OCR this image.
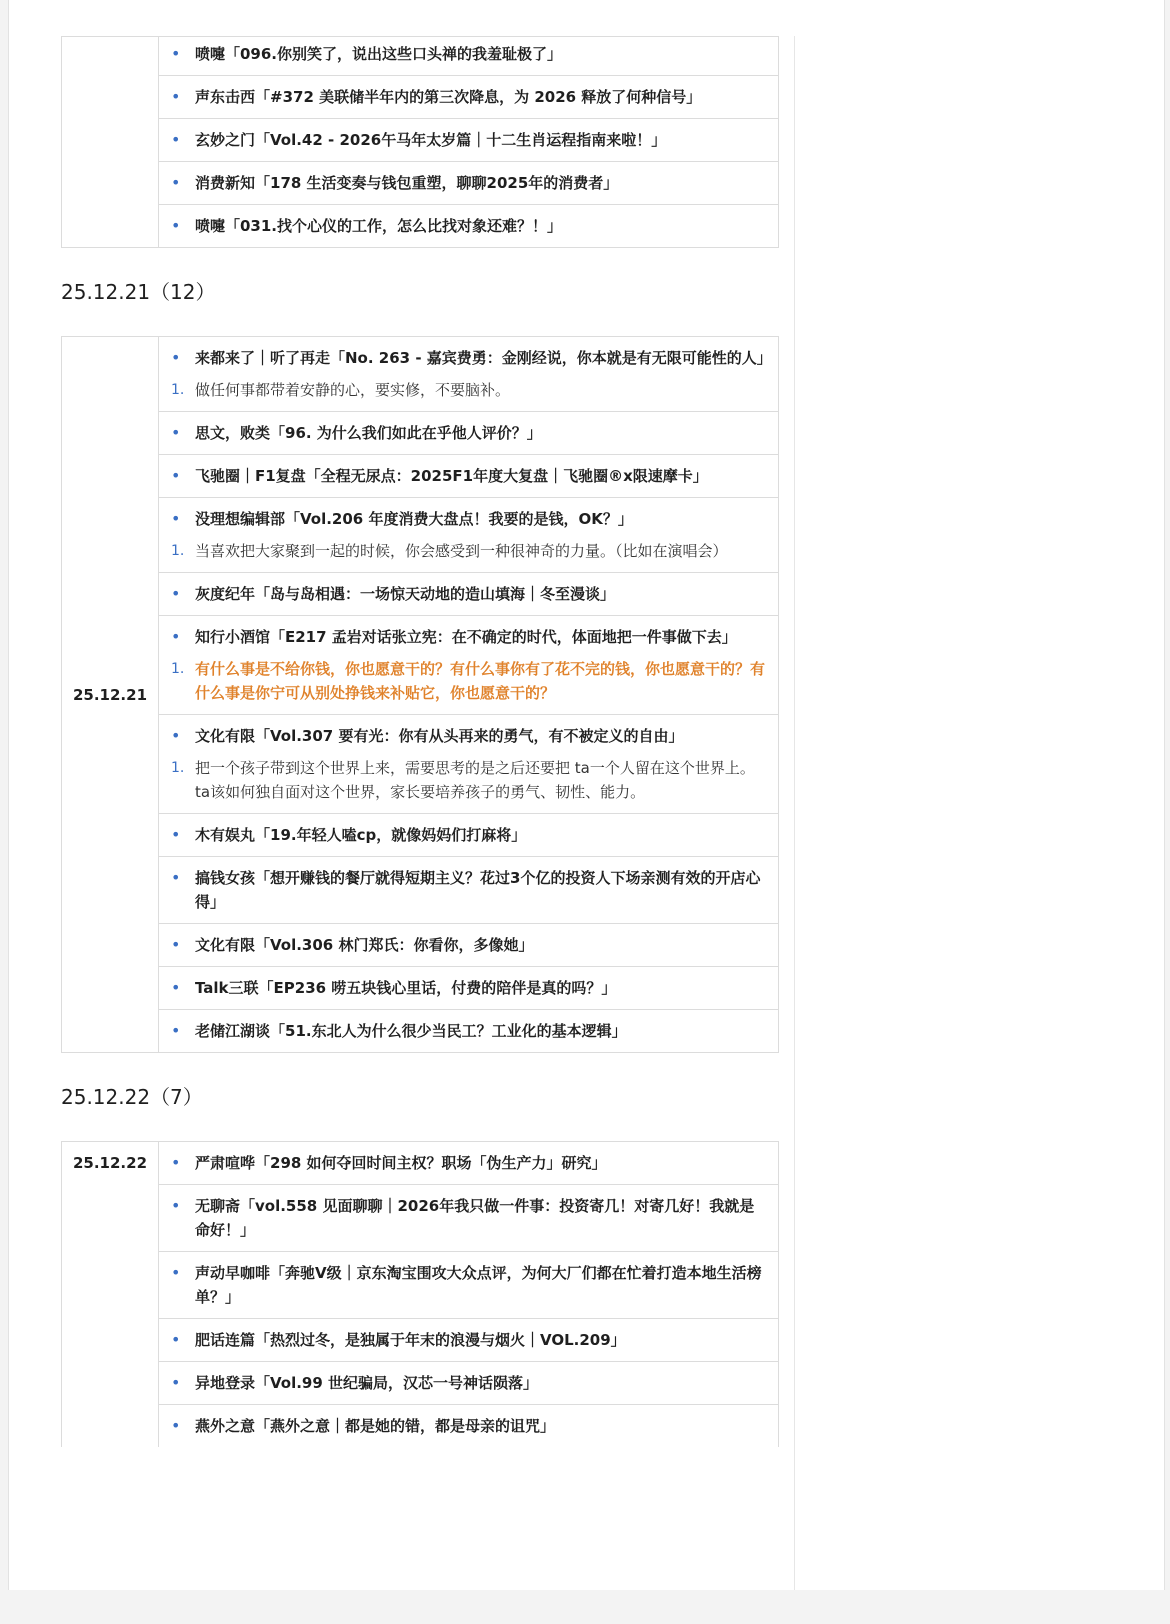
• 喷嚏「096.你别笑了，说出这些口头禅的我羞耻极了」
• 声东击西「#372 美联储半年内的第三次降息，为 2026 释放了何种信号」
• 玄妙之门「Vol.42 - 2026午马年太岁篇｜十二生肖运程指南来啦！」
• 消费新知「178 生活变奏与钱包重塑，聊聊2025年的消费者」
• 喷嚏「031.找个心仪的工作，怎么比找对象还难？！」
25.12.21（12）
25.12.21
• 来都来了｜听了再走「No. 263 - 嘉宾费勇：金刚经说，你本就是有无限可能性的人」
1. 做任何事都带着安静的心，要实修，不要脑补。
• 思文，败类「96. 为什么我们如此在乎他人评价？」
• 飞驰圈｜F1复盘「全程无尿点：2025F1年度大复盘｜飞驰圈®x限速摩卡」
• 没理想编辑部「Vol.206 年度消费大盘点！我要的是钱，OK？」
1. 当喜欢把大家聚到一起的时候，你会感受到一种很神奇的力量。（比如在演唱会）
• 灰度纪年「岛与岛相遇：一场惊天动地的造山填海｜冬至漫谈」
• 知行小酒馆「E217 孟岩对话张立宪：在不确定的时代，体面地把一件事做下去」
1. 有什么事是不给你钱，你也愿意干的？有什么事你有了花不完的钱，你也愿意干的？有什么事是你宁可从别处挣钱来补贴它，你也愿意干的？
• 文化有限「Vol.307 要有光：你有从头再来的勇气，有不被定义的自由」
1. 把一个孩子带到这个世界上来，需要思考的是之后还要把 ta一个人留在这个世界上。ta该如何独自面对这个世界，家长要培养孩子的勇气、韧性、能力。
• 木有娱丸「19.年轻人嗑cp，就像妈妈们打麻将」
• 搞钱女孩「想开赚钱的餐厅就得短期主义？花过3个亿的投资人下场亲测有效的开店心得」
• 文化有限「Vol.306 林门郑氏：你看你，多像她」
• Talk三联「EP236 唠五块钱心里话，付费的陪伴是真的吗？」
• 老储江湖谈「51.东北人为什么很少当民工？工业化的基本逻辑」
25.12.22（7）
25.12.22	• 严肃喧哗「298 如何夺回时间主权？职场「伪生产力」研究」
• 无聊斋「vol.558 见面聊聊｜2026年我只做一件事：投资寄几！对寄几好！我就是命好！」
• 声动早咖啡「奔驰V级｜京东淘宝围攻大众点评，为何大厂们都在忙着打造本地生活榜单？」
• 肥话连篇「热烈过冬，是独属于年末的浪漫与烟火｜VOL.209」
• 异地登录「Vol.99 世纪骗局，汉芯一号神话陨落」
• 燕外之意「燕外之意｜都是她的错，都是母亲的诅咒」
